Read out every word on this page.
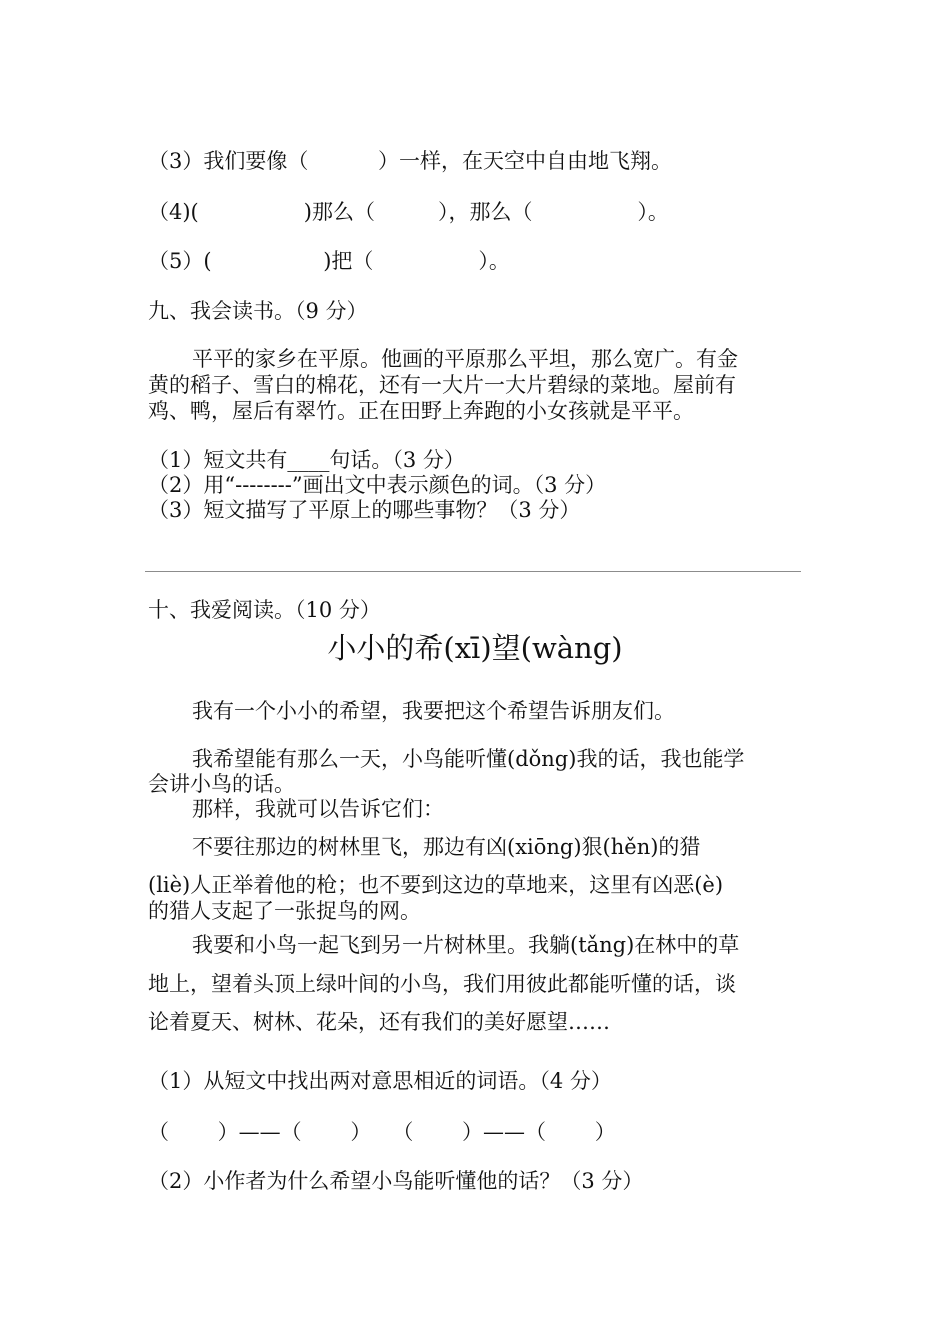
（3）我们要像（　　　 ）一样，在天空中自由地飞翔。
（4)(　　　　　)那么（　　　），那么（　　　　　）。
（5）(　　　　　 )把（　　　　　）。
九、我会读书。（9 分）
平平的家乡在平原。他画的平原那么平坦，那么宽广。有金
黄的稻子、雪白的棉花，还有一大片一大片碧绿的菜地。屋前有
鸡、鸭，屋后有翠竹。正在田野上奔跑的小女孩就是平平。
（1）短文共有____句话。（3 分）
（2）用“--------”画出文中表示颜色的词。（3 分）
（3）短文描写了平原上的哪些事物？（3 分）
十、我爱阅读。（10 分）
小小的希(xī)望(wàng)
我有一个小小的希望，我要把这个希望告诉朋友们。
我希望能有那么一天，小鸟能听懂(dǒng)我的话，我也能学
会讲小鸟的话。
那样，我就可以告诉它们：
不要往那边的树林里飞，那边有凶(xiōng)狠(hěn)的猎
(liè)人正举着他的枪；也不要到这边的草地来，这里有凶恶(è)
的猎人支起了一张捉鸟的网。
我要和小鸟一起飞到另一片树林里。我躺(tǎng)在林中的草
地上，望着头顶上绿叶间的小鸟，我们用彼此都能听懂的话，谈
论着夏天、树林、花朵，还有我们的美好愿望……
（1）从短文中找出两对意思相近的词语。（4 分）
（　　 ）——（　　 ）　　（　　 ）——（　　 ）
（2）小作者为什么希望小鸟能听懂他的话？（3 分）
